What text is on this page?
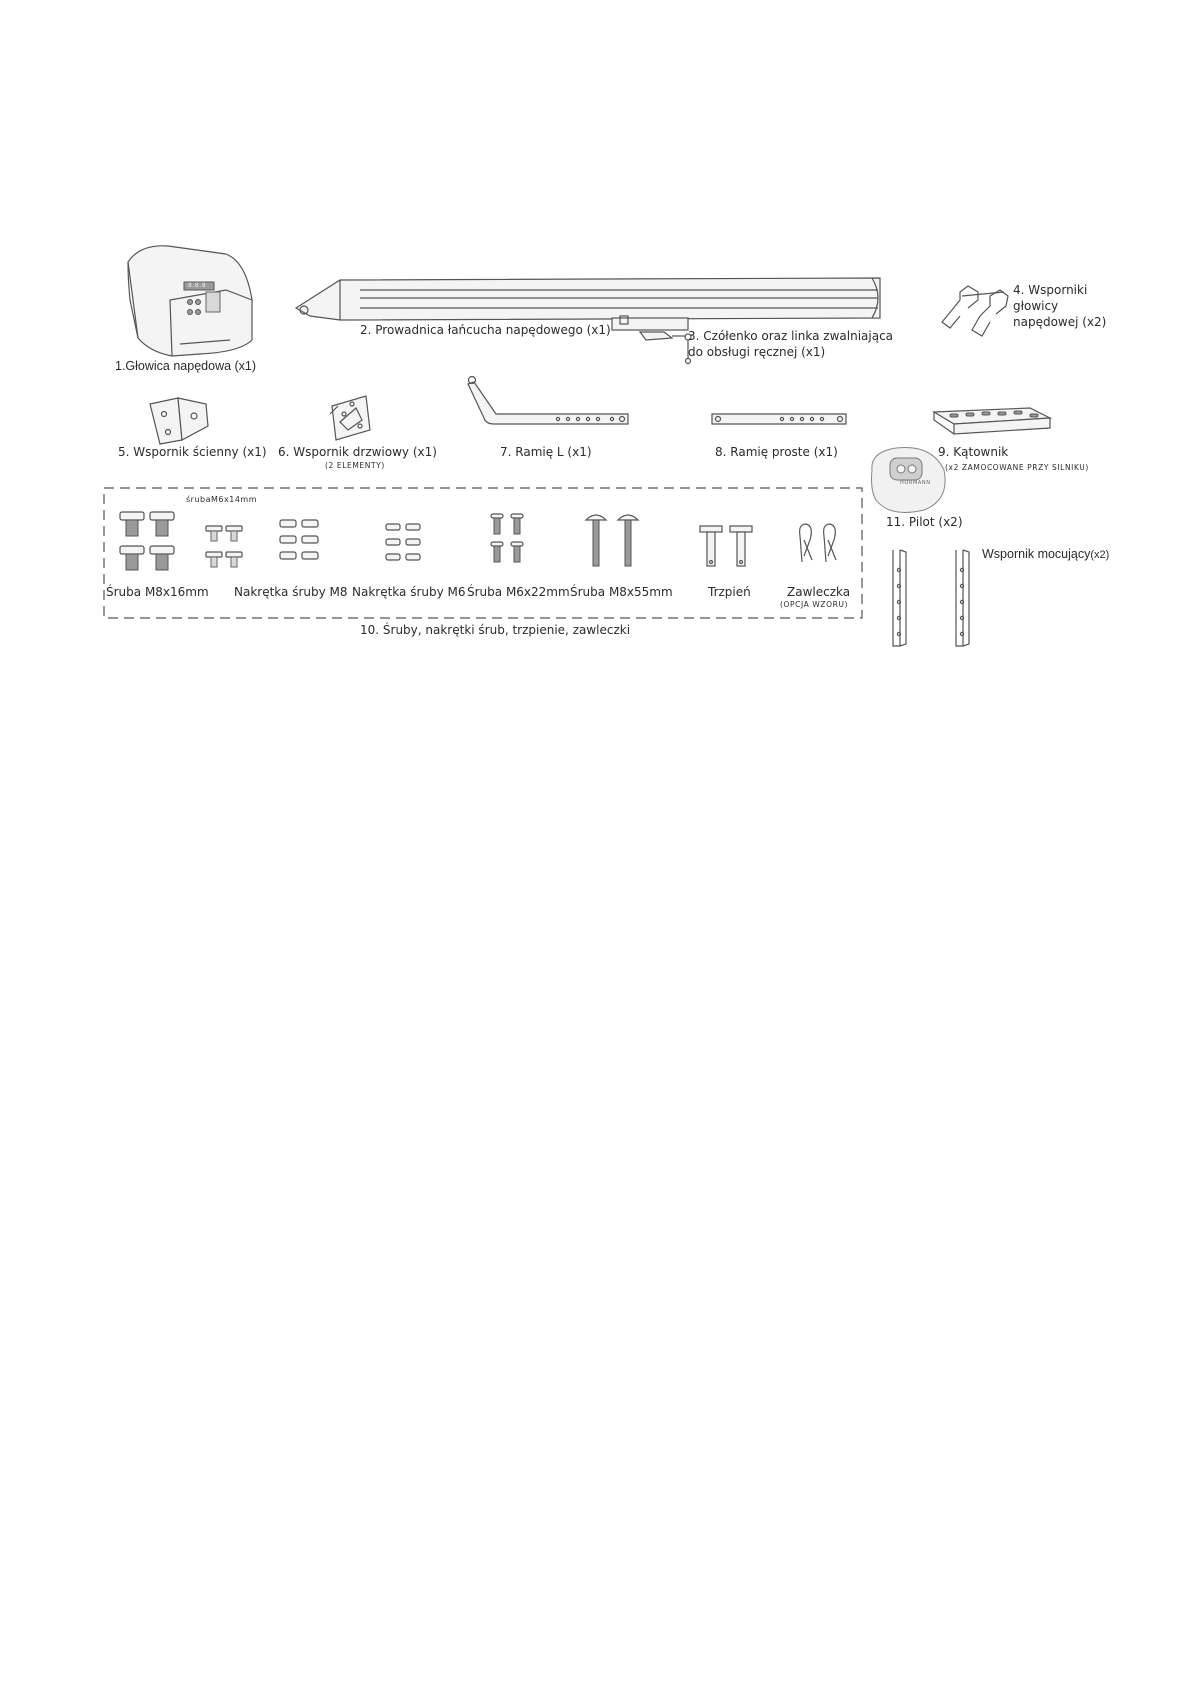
1.Głowica napędowa (x1)
2. Prowadnica łańcucha napędowego (x1)	3. Czółenko oraz linka zwalniająca
do obsługi ręcznej (x1)
4. Wsporniki
głowicy
napędowej (x2)
5. Wspornik ścienny (x1) 6. Wspornik drzwiowy (x1)
(2 ELEMENTY)
7. Ramię L (x1)	8. Ramię proste (x1)	9. Kątownik
(x2 ZAMOCOWANE PRZY SILNIKU)
11. Pilot (x2)
Wspornik mocujący(x2)
śrubaM6x14mm
Śruba M8x16mm Nakrętka śruby M8 Nakrętka śruby M6 Śruba M6x22mm Śruba M8x55mm	Trzpień	Zawleczka
(OPCJA WZORU)
10. Śruby, nakrętki śrub, trzpienie, zawleczki
HORMANN
8.8.8
